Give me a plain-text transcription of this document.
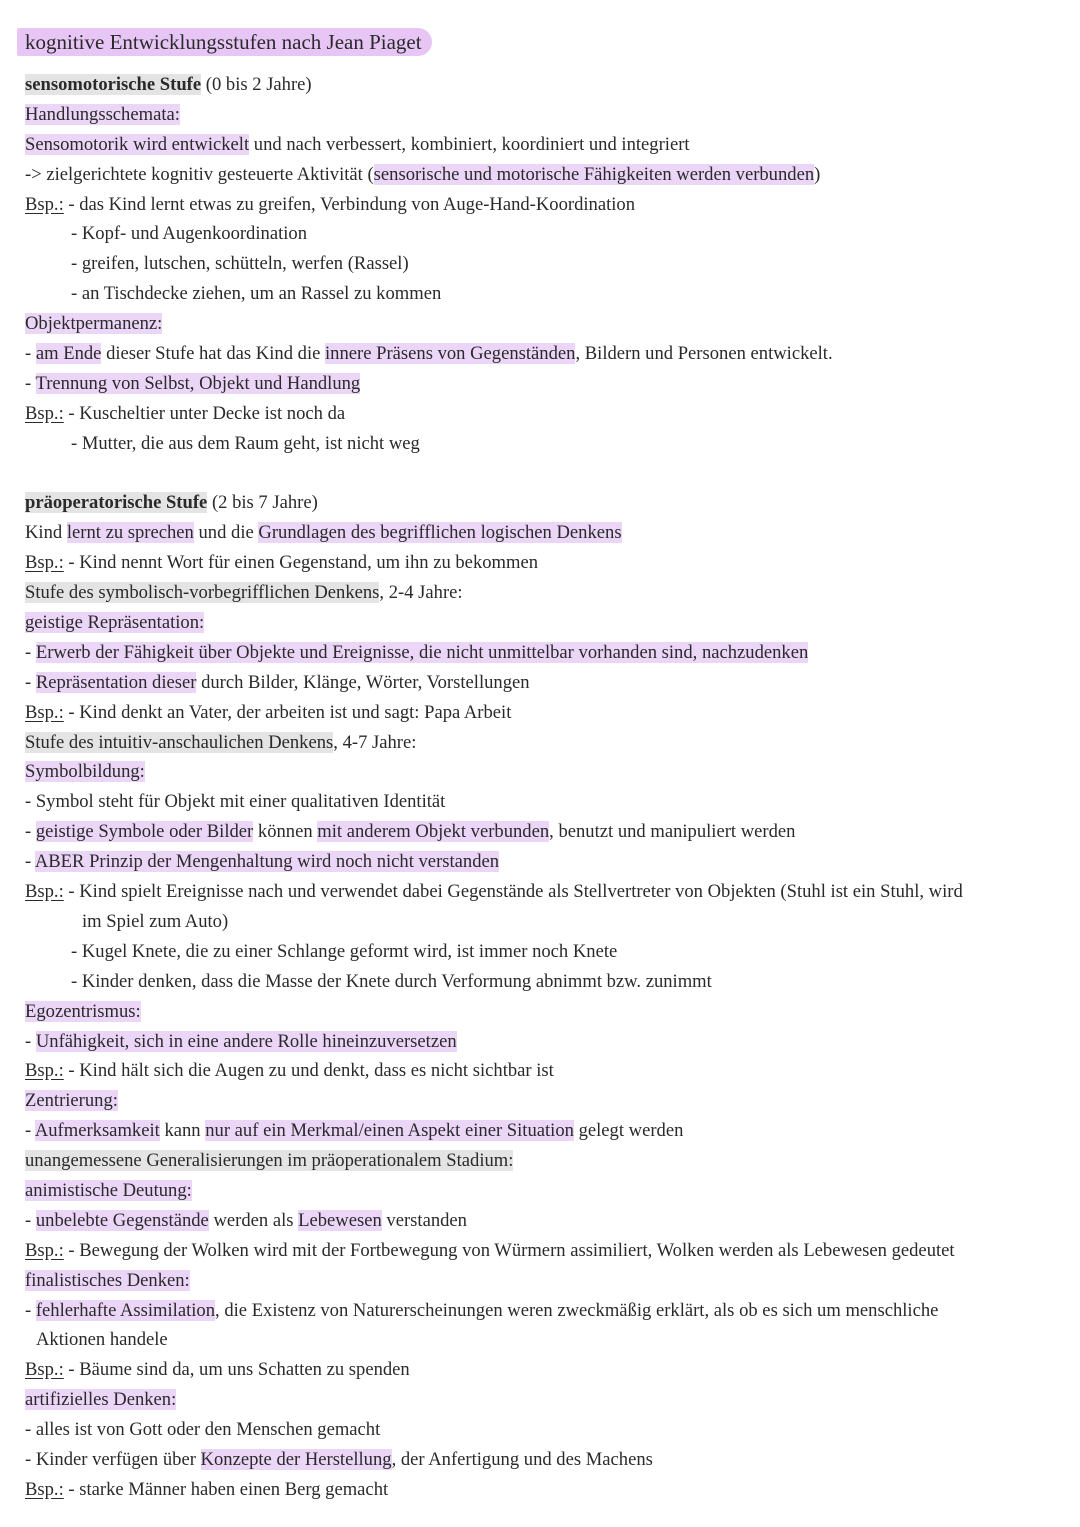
kognitive Entwicklungsstufen nach Jean Piaget
sensomotorische Stufe (0 bis 2 Jahre)
Handlungsschemata:
Sensomotorik wird entwickelt und nach verbessert, kombiniert, koordiniert und integriert
-> zielgerichtete kognitiv gesteuerte Aktivität (sensorische und motorische Fähigkeiten werden verbunden)
Bsp.: - das Kind lernt etwas zu greifen, Verbindung von Auge-Hand-Koordination
- Kopf- und Augenkoordination
- greifen, lutschen, schütteln, werfen (Rassel)
- an Tischdecke ziehen, um an Rassel zu kommen
Objektpermanenz:
- am Ende dieser Stufe hat das Kind die innere Präsens von Gegenständen, Bildern und Personen entwickelt.
- Trennung von Selbst, Objekt und Handlung
Bsp.: - Kuscheltier unter Decke ist noch da
- Mutter, die aus dem Raum geht, ist nicht weg
präoperatorische Stufe (2 bis 7 Jahre)
Kind lernt zu sprechen und die Grundlagen des begrifflichen logischen Denkens
Bsp.: - Kind nennt Wort für einen Gegenstand, um ihn zu bekommen
Stufe des symbolisch-vorbegrifflichen Denkens, 2-4 Jahre:
geistige Repräsentation:
- Erwerb der Fähigkeit über Objekte und Ereignisse, die nicht unmittelbar vorhanden sind, nachzudenken
- Repräsentation dieser durch Bilder, Klänge, Wörter, Vorstellungen
Bsp.: - Kind denkt an Vater, der arbeiten ist und sagt: Papa Arbeit
Stufe des intuitiv-anschaulichen Denkens, 4-7 Jahre:
Symbolbildung:
- Symbol steht für Objekt mit einer qualitativen Identität
- geistige Symbole oder Bilder können mit anderem Objekt verbunden, benutzt und manipuliert werden
- ABER Prinzip der Mengenhaltung wird noch nicht verstanden
Bsp.: - Kind spielt Ereignisse nach und verwendet dabei Gegenstände als Stellvertreter von Objekten (Stuhl ist ein Stuhl, wird
im Spiel zum Auto)
- Kugel Knete, die zu einer Schlange geformt wird, ist immer noch Knete
- Kinder denken, dass die Masse der Knete durch Verformung abnimmt bzw. zunimmt
Egozentrismus:
- Unfähigkeit, sich in eine andere Rolle hineinzuversetzen
Bsp.: - Kind hält sich die Augen zu und denkt, dass es nicht sichtbar ist
Zentrierung:
- Aufmerksamkeit kann nur auf ein Merkmal/einen Aspekt einer Situation gelegt werden
unangemessene Generalisierungen im präoperationalem Stadium:
animistische Deutung:
- unbelebte Gegenstände werden als Lebewesen verstanden
Bsp.: - Bewegung der Wolken wird mit der Fortbewegung von Würmern assimiliert, Wolken werden als Lebewesen gedeutet
finalistisches Denken:
- fehlerhafte Assimilation, die Existenz von Naturerscheinungen weren zweckmäßig erklärt, als ob es sich um menschliche
Aktionen handele
Bsp.: - Bäume sind da, um uns Schatten zu spenden
artifizielles Denken:
- alles ist von Gott oder den Menschen gemacht
- Kinder verfügen über Konzepte der Herstellung, der Anfertigung und des Machens
Bsp.: - starke Männer haben einen Berg gemacht
